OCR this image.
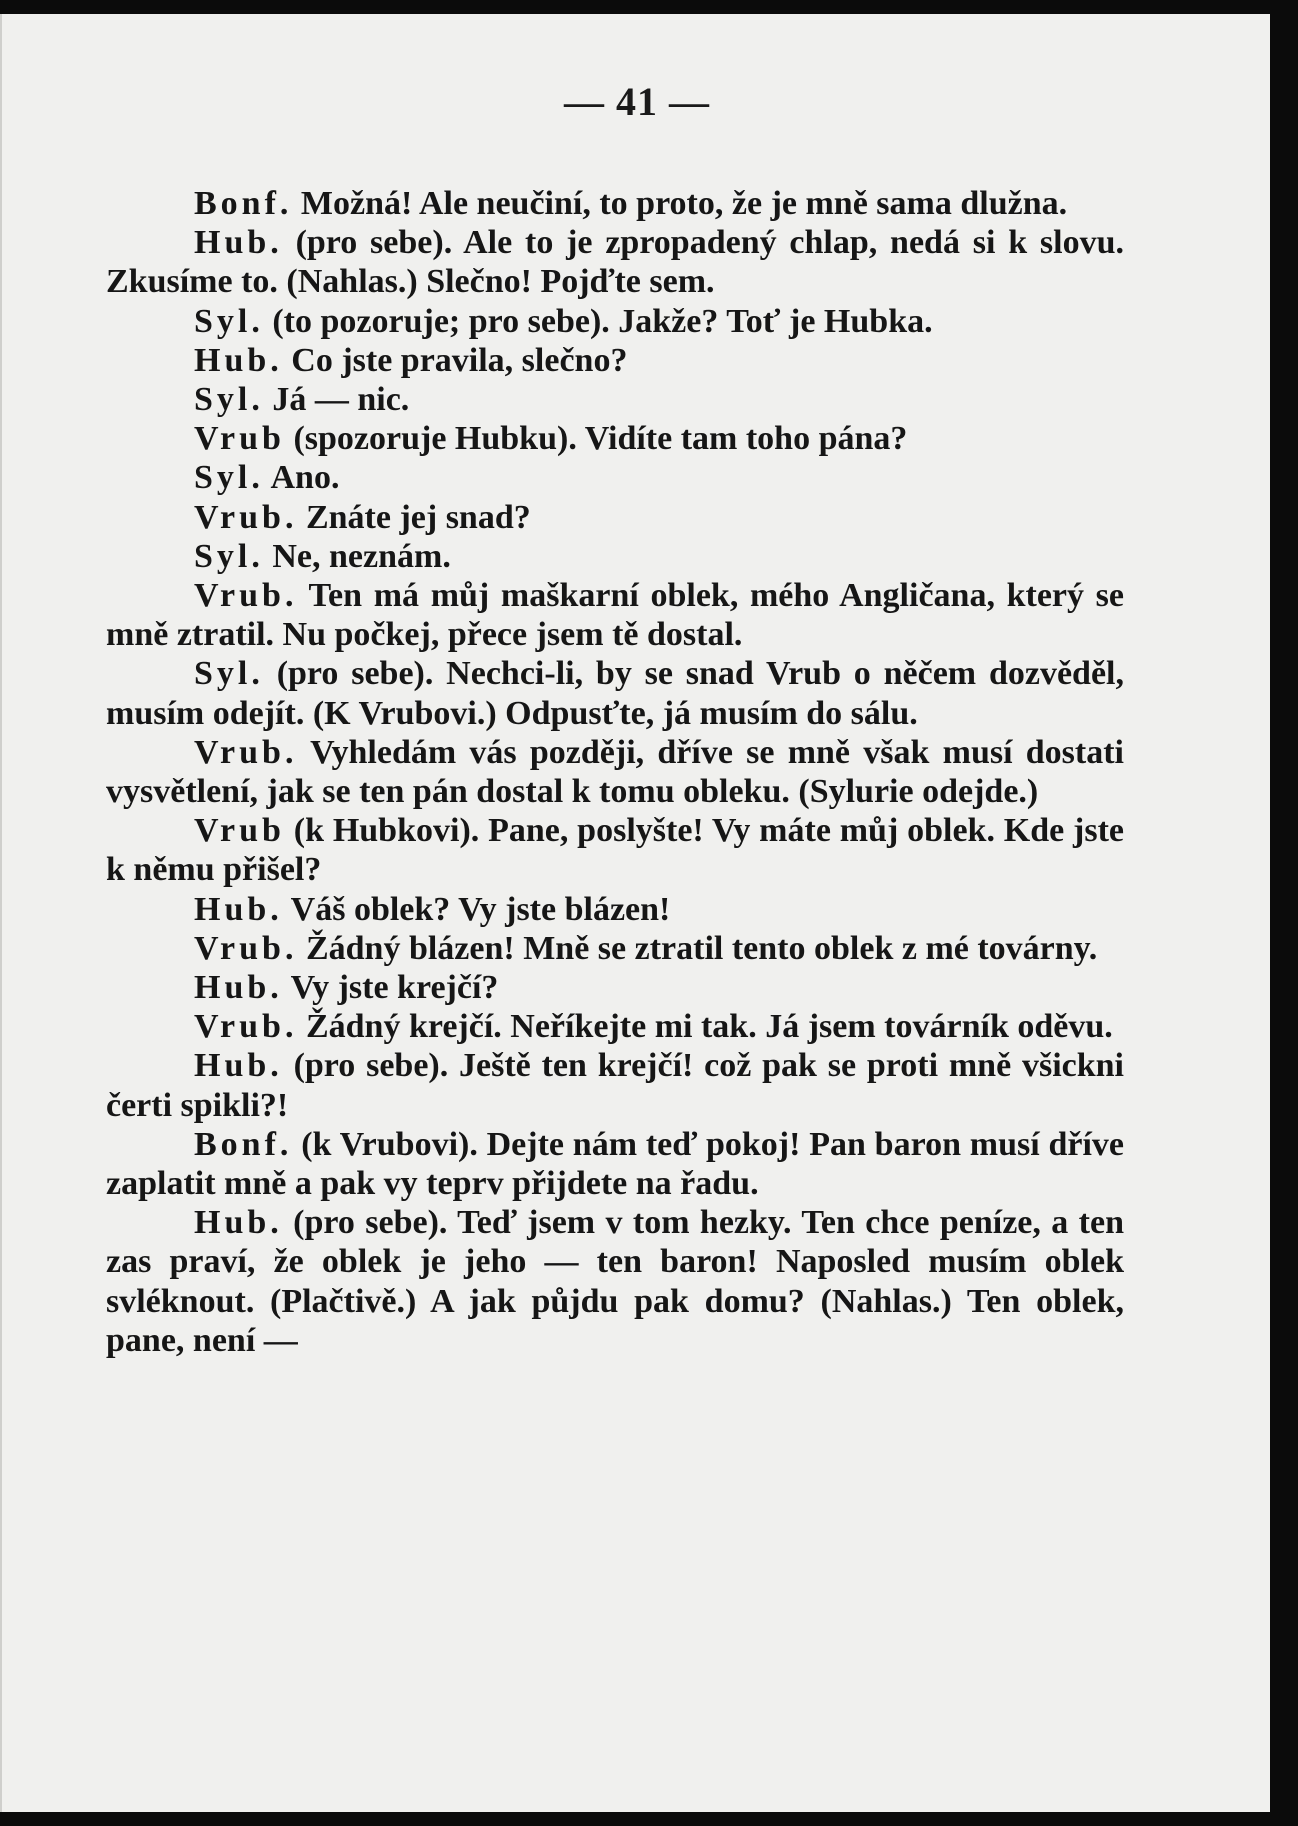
— 41 —

Bonf. Možná! Ale neučiní, to proto, že je mně sama dlužna.

Hub. (pro sebe). Ale to je zpropadený chlap, nedá si k slovu. Zkusíme to. (Nahlas.) Slečno! Pojďte sem.

Syl. (to pozoruje; pro sebe). Jakže? Toť je Hubka.

Hub. Co jste pravila, slečno?

Syl. Já — nic.

Vrub (spozoruje Hubku). Vidíte tam toho pána?

Syl. Ano.

Vrub. Znáte jej snad?

Syl. Ne, neznám.

Vrub. Ten má můj maškarní oblek, mého Angličana, který se mně ztratil. Nu počkej, přece jsem tě dostal.

Syl. (pro sebe). Nechci-li, by se snad Vrub o něčem dozvěděl, musím odejít. (K Vrubovi.) Odpusťte, já musím do sálu.

Vrub. Vyhledám vás později, dříve se mně však musí dostati vysvětlení, jak se ten pán dostal k tomu obleku. (Sylurie odejde.)

Vrub (k Hubkovi). Pane, poslyšte! Vy máte můj oblek. Kde jste k němu přišel?

Hub. Váš oblek? Vy jste blázen!

Vrub. Žádný blázen! Mně se ztratil tento oblek z mé továrny.

Hub. Vy jste krejčí?

Vrub. Žádný krejčí. Neříkejte mi tak. Já jsem továrník oděvu.

Hub. (pro sebe). Ještě ten krejčí! což pak se proti mně všickni čerti spikli?!

Bonf. (k Vrubovi). Dejte nám teď pokoj! Pan baron musí dříve zaplatit mně a pak vy teprv přijdete na řadu.

Hub. (pro sebe). Teď jsem v tom hezky. Ten chce peníze, a ten zas praví, že oblek je jeho — ten baron! Naposled musím oblek svléknout. (Plačtivě.) A jak půjdu pak domu? (Nahlas.) Ten oblek, pane, není —
